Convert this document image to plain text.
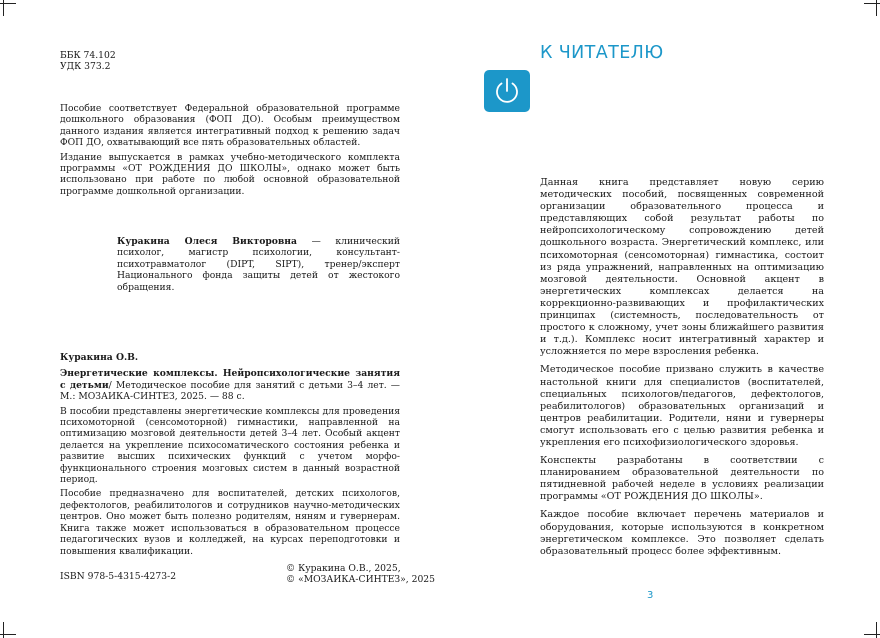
ББК 74.102
УДК 373.2

Пособие соответствует Федеральной образовательной программе дошкольного образования (ФОП ДО). Особым преимуществом данного издания является интегративный подход к решению задач ФОП ДО, охватывающий все пять образовательных областей.

Издание выпускается в рамках учебно-методического комплекта программы «ОТ РОЖДЕНИЯ ДО ШКОЛЫ», однако может быть использовано при работе по любой основной образовательной программе дошкольной организации.

Куракина Олеся Викторовна — клинический психолог, магистр психологии, консультант-психотравматолог (DIPT, SIPT), тренер/эксперт Национального фонда защиты детей от жестокого обращения.

Куракина О.В.

Энергетические комплексы. Нейропсихологические занятия с детьми/ Методическое пособие для занятий с детьми 3–4 лет. — М.: МОЗАИКА-СИНТЕЗ, 2025. — 88 с.

В пособии представлены энергетические комплексы для проведения психомоторной (сенсомоторной) гимнастики, направленной на оптимизацию мозговой деятельности детей 3–4 лет. Особый акцент делается на укрепление психосоматического состояния ребенка и развитие высших психических функций с учетом морфо-функционального строения мозговых систем в данный возрастной период.

Пособие предназначено для воспитателей, детских психологов, дефектологов, реабилитологов и сотрудников научно-методических центров. Оно может быть полезно родителям, няням и гувернерам. Книга также может использоваться в образовательном процессе педагогических вузов и колледжей, на курсах переподготовки и повышения квалификации.

ISBN 978-5-4315-4273-2
© Куракина О.В., 2025,
© «МОЗАИКА-СИНТЕЗ», 2025
К ЧИТАТЕЛЮ

Данная книга представляет новую серию методических пособий, посвященных современной организации образовательного процесса и представляющих собой результат работы по нейропсихологическому сопровождению детей дошкольного возраста. Энергетический комплекс, или психомоторная (сенсомоторная) гимнастика, состоит из ряда упражнений, направленных на оптимизацию мозговой деятельности. Основной акцент в энергетических комплексах делается на коррекционно-развивающих и профилактических принципах (системность, последовательность от простого к сложному, учет зоны ближайшего развития и т.д.). Комплекс носит интегративный характер и усложняется по мере взросления ребенка.

Методическое пособие призвано служить в качестве настольной книги для специалистов (воспитателей, специальных психологов/педагогов, дефектологов, реабилитологов) образовательных организаций и центров реабилитации. Родители, няни и гувернеры смогут использовать его с целью развития ребенка и укрепления его психофизиологического здоровья.

Конспекты разработаны в соответствии с планированием образовательной деятельности по пятидневной рабочей неделе в условиях реализации программы «ОТ РОЖДЕНИЯ ДО ШКОЛЫ».

Каждое пособие включает перечень материалов и оборудования, которые используются в конкретном энергетическом комплексе. Это позволяет сделать образовательный процесс более эффективным.

3
